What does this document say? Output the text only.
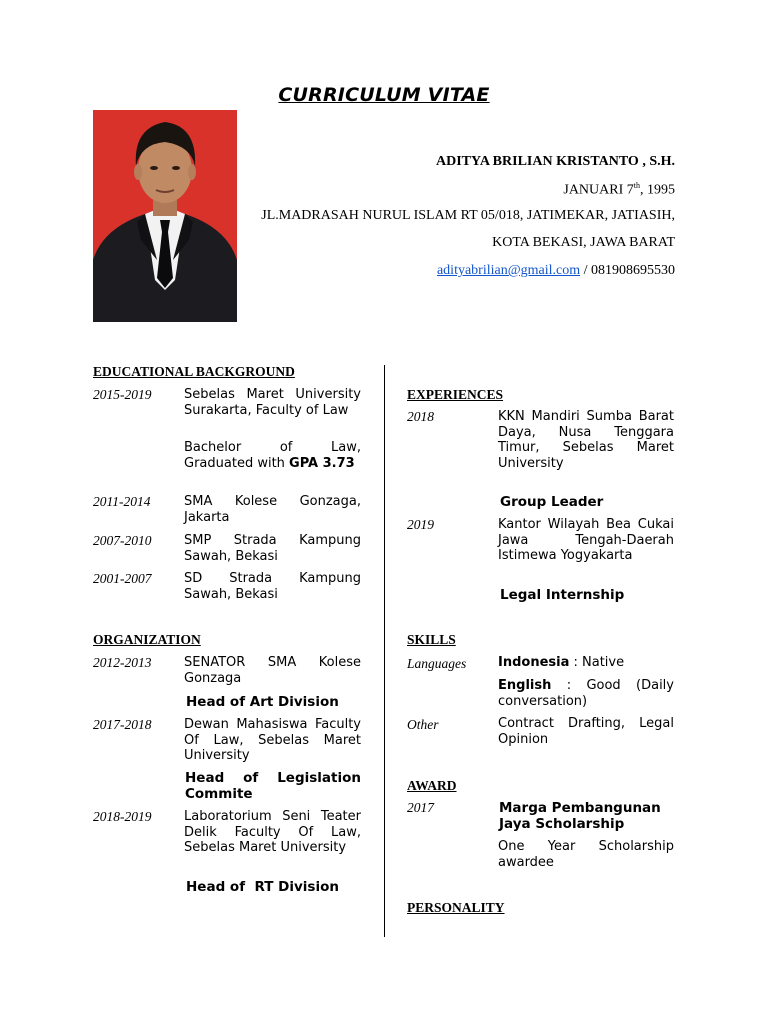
CURRICULUM VITAE
ADITYA BRILIAN KRISTANTO , S.H.
JANUARI 7th, 1995
JL.MADRASAH NURUL ISLAM RT 05/018, JATIMEKAR, JATIASIH,
KOTA BEKASI, JAWA BARAT
adityabrilian@gmail.com / 081908695530
EDUCATIONAL BACKGROUND
2015-2019	Sebelas Maret University Surakarta, Faculty of Law
Bachelor of Law, Graduated with GPA 3.73
2011-2014	SMA Kolese Gonzaga, Jakarta
2007-2010	SMP Strada Kampung Sawah, Bekasi
2001-2007	SD Strada Kampung Sawah, Bekasi
ORGANIZATION
2012-2013	SENATOR SMA Kolese Gonzaga
Head of Art Division
2017-2018	Dewan Mahasiswa Faculty Of Law, Sebelas Maret University
Head of Legislation Commite
2018-2019	Laboratorium Seni Teater Delik Faculty Of Law, Sebelas Maret University
Head of  RT Division
EXPERIENCES
2018	KKN Mandiri Sumba Barat Daya, Nusa Tenggara Timur, Sebelas Maret University
Group Leader
2019	Kantor Wilayah Bea Cukai Jawa Tengah-Daerah Istimewa Yogyakarta
Legal Internship
SKILLS
Languages Indonesia : Native
English : Good (Daily conversation)
Other	Contract Drafting, Legal Opinion
AWARD
2017	Marga Pembangunan Jaya Scholarship
One Year Scholarship awardee
PERSONALITY
